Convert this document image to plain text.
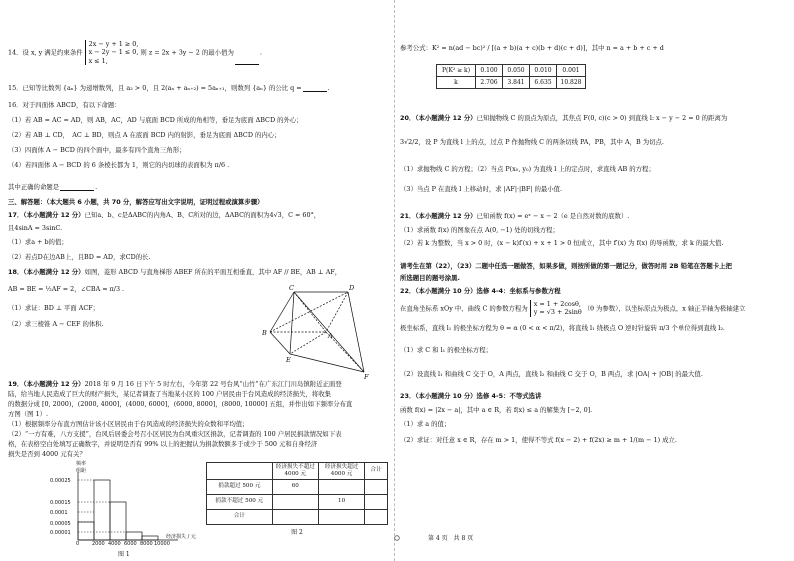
14．设 x, y 满足约束条件
2x − y + 1 ≥ 0,
x − 2y − 1 ≤ 0,
x ≤ 1,
则 z = 2x + 3y − 2 的最小值为	.
15．已知等比数列 {aₙ} 为递增数列，且 a₂ > 0，且 2(aₙ + aₙ₊₂) = 5aₙ₊₁，则数列 {aₙ} 的公比 q =	.
16．对于四面体 ABCD，有以下命题：
（1）若 AB = AC = AD，则 AB，AC，AD 与底面 BCD 所成的角相等，垂足为底面 ΔBCD 的外心；
（2）若 AB ⊥ CD，　AC ⊥ BD，则点 A 在底面 BCD 内的射影，垂足为底面 ΔBCD 的内心；
（3）四面体 A − BCD 的四个面中，最多有四个直角三角形；
（4）若四面体 A − BCD 的 6 条棱长都为 1，则它的内切球的表面积为 π/6 .
其中正确的命题是	.
三、解答题：（本大题共 6 小题，共 70 分，解答应写出文字说明，证明过程或演算步骤）
17．（本小题满分 12 分）已知a、b、c是ΔABC的内角A、B、C所对的边，ΔABC的面积为4√3，C = 60°，
且4sinA = 3sinC.
（1）求a + b的值；
（2）若点D在边AB上，且BD = AD，求CD的长.
18．（本小题满分 12 分）如图，菱形 ABCD 与直角梯形 ABEF 所在的平面互相垂直，其中 AF // BE，AB ⊥ AF，
AB = BE = ½AF = 2，∠CBA = π/3 .
（1）求证：BD ⊥ 平面 ACF；
（2）求三棱锥 A − CEF 的体积.
C	D
B	A
E
F
19．（本小题满分 12 分）2018 年 9 月 16 日下午 5 时左右，今年第 22 号台风“山竹”在广东江门川岛镇附近正面登
陆，给当地人民造成了巨大的财产损失，某记者调查了当地某小区的 100 户居民由于台风造成的经济损失，将收集
的数据分成 [0, 2000)，(2000, 4000]，(4000, 6000]，(6000, 8000]，(8000, 10000] 五组，并作出如下频率分布直
方图（图 1）.
（1）根据频率分布直方图估计该小区居民由于台风造成的经济损失的众数和平均值；
（2）“一方有难，八方支援”，台风后居委会号召小区居民为台风重灾区捐款，记者调查的 100 户居民捐款情况如下表
格，在表格空白处填写正确数字，并说明是否有 99% 以上的把握认为捐款数额多于或少于 500 元和自身经济
损失是否到 4000 元有关？
频率
组距
0.00025
0.00015
0.0001
0.00005
0.00001
0	2000 4000 6000 8000 10000
经济损失 / 元
图 1
	经济损失不超过 4000 元	经济损失超过 4000 元	合计
捐款超过 500 元	60		
捐款不超过 500 元		10	
合计			
图 2
参考公式：K² = n(ad − bc)² / [(a + b)(a + c)(b + d)(c + d)]，其中 n = a + b + c + d
P(K² ≥ k)	0.100	0.050	0.010	0.001
k	2.706	3.841	6.635	10.828
20．（本小题满分 12 分）已知抛物线 C 的顶点为原点，其焦点 F(0, c)(c > 0) 到直线 l: x − y − 2 = 0 的距离为
3√2/2，设 P 为直线 l 上的点，过点 P 作抛物线 C 的两条切线 PA，PB，其中 A，B 为切点.
（1）求抛物线 C 的方程；（2）当点 P(x₀, y₀) 为直线 l 上的定点时，求直线 AB 的方程；
（3）当点 P 在直线 l 上移动时，求 |AF|·|BF| 的最小值.
21．（本小题满分 12 分）已知函数 f(x) = eˣ − x − 2（e 是自然对数的底数）.
（1）求函数 f(x) 的图象在点 A(0, −1) 处的切线方程；
（2）若 k 为整数，当 x > 0 时，(x − k)f′(x) + x + 1 > 0 恒成立，其中 f′(x) 为 f(x) 的导函数，求 k 的最大值.
请考生在第（22），（23）二题中任选一题做答，如果多做，则按所做的第一题记分，做答时用 2B 铅笔在答题卡上把
所选题目的题号涂黑.
22．（本小题满分 10 分）选修 4-4：坐标系与参数方程
在直角坐标系 xOy 中，曲线 C 的参数方程为
x = 1 + 2cosθ,
y = √3 + 2sinθ （θ 为参数），以坐标原点为极点，x 轴正半轴为极轴建立
极坐标系，直线 l₁ 的极坐标方程为 θ = α (0 < α < π/2)，将直线 l₁ 绕极点 O 逆时针旋转 π/3 个单位得到直线 l₂.
（1）求 C 和 l₁ 的极坐标方程；
（2）设直线 l₁ 和曲线 C 交于 O，A 两点，直线 l₂ 和曲线 C 交于 O，B 两点，求 |OA| + |OB| 的最大值.
23．（本小题满分 10 分）选修 4-5：不等式选讲
函数 f(x) = |2x − a|，其中 a ∈ R，若 f(x) ≤ a 的解集为 [−2, 0].
（1）求 a 的值；
（2）求证：对任意 x ∈ R，存在 m > 1，使得不等式 f(x − 2) + f(2x) ≥ m + 1/(m − 1) 成立.
第 4 页　共 8 页
